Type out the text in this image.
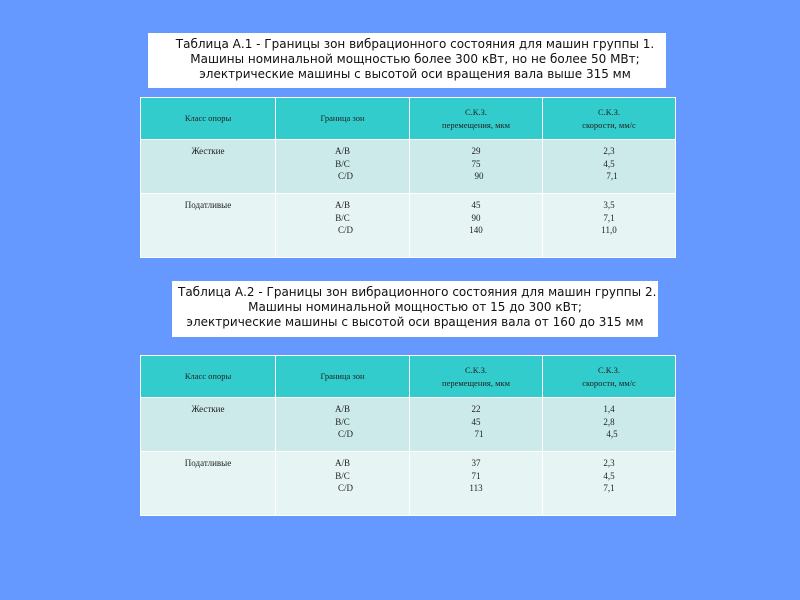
Таблица А.1 - Границы зон вибрационного состояния для машин группы 1.
Машины номинальной мощностью более 300 кВт, но не более 50 МВт;
электрические машины с высотой оси вращения вала выше 315 мм
Класс опоры	Граница зон	С.К.З.
перемещения, мкм	С.К.З.
скорости, мм/с

Жесткие	A/B
B/C
C/D	29
75
90	2,3
4,5
7,1

Податливые	A/B
B/C
C/D	45
90
140	3,5
7,1
11,0
Таблица А.2 - Границы зон вибрационного состояния для машин группы 2.
Машины номинальной мощностью от 15 до 300 кВт;
электрические машины с высотой оси вращения вала от 160 до 315 мм
Класс опоры	Граница зон	С.К.З.
перемещения, мкм	С.К.З.
скорости, мм/с

Жесткие	A/B
B/C
C/D	22
45
71	1,4
2,8
4,5

Податливые	A/B
B/C
C/D	37
71
113	2,3
4,5
7,1
